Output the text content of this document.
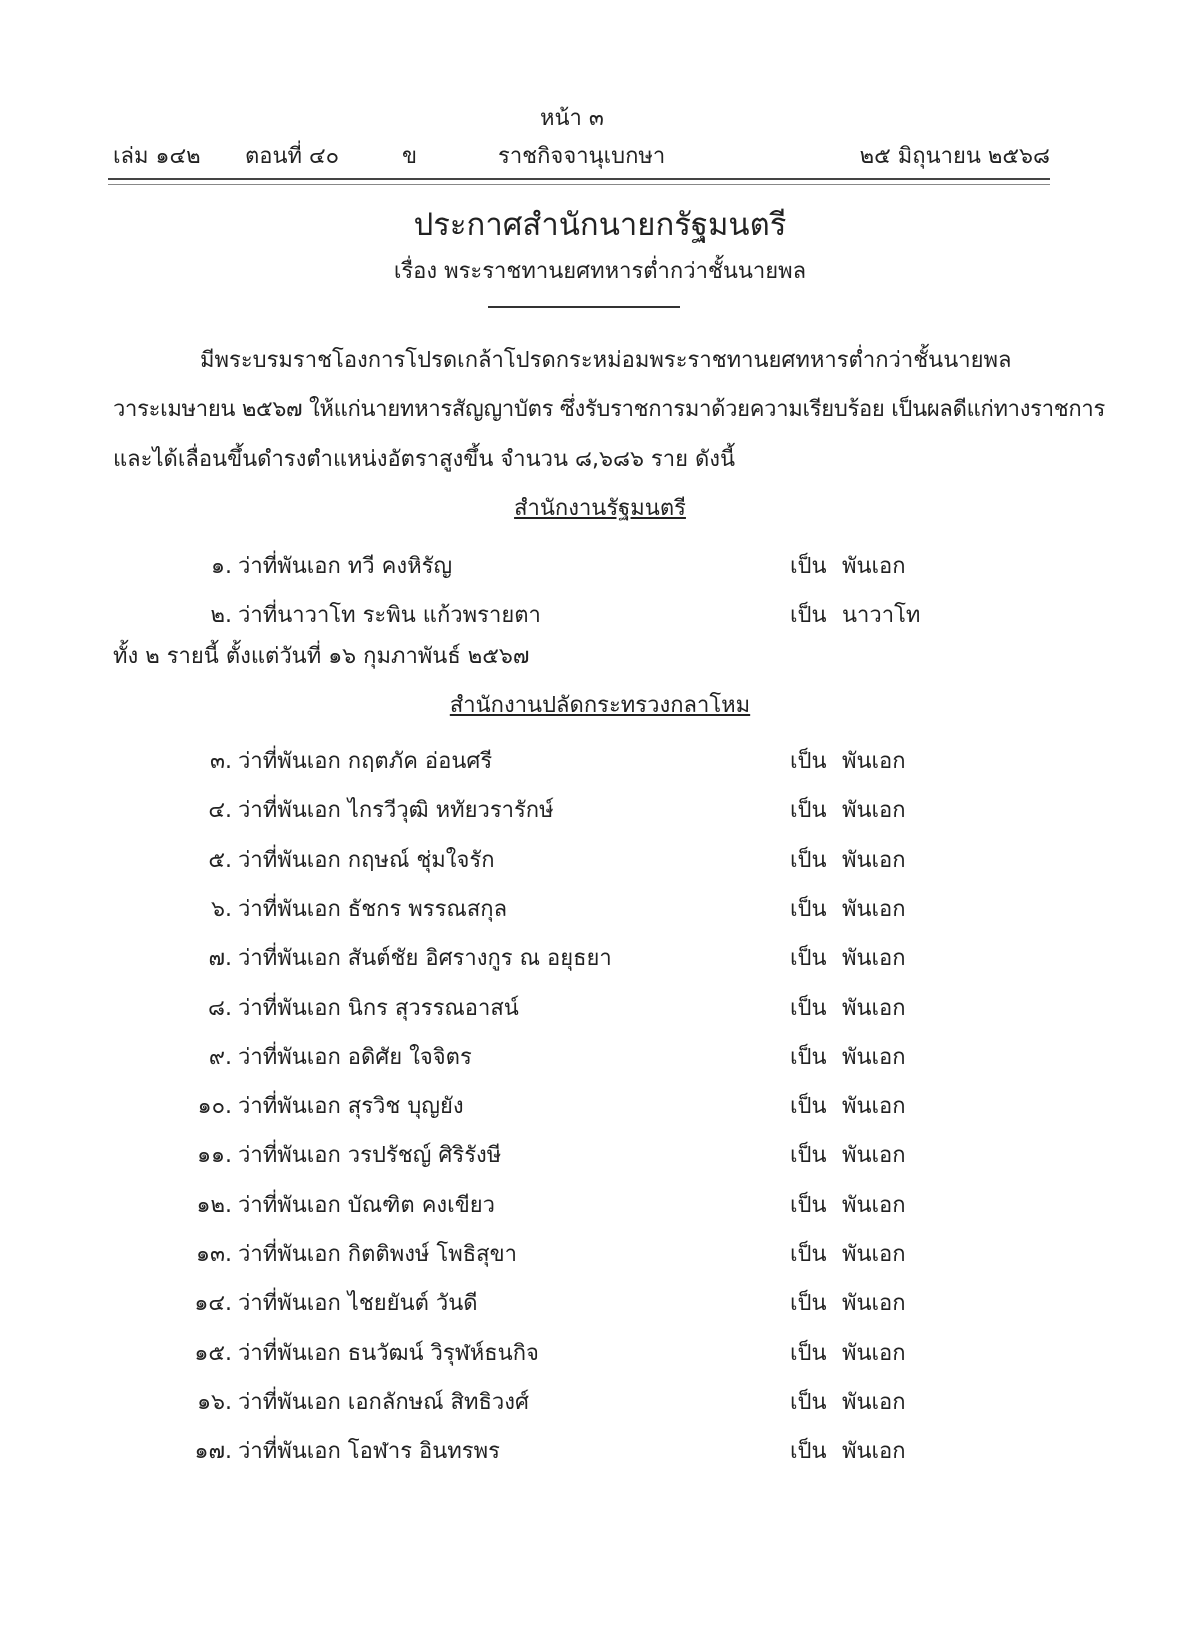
หน้า ๓
เล่ม ๑๔๒ ตอนที่ ๔๐	ข	ราชกิจจานุเบกษา	๒๕ มิถุนายน ๒๕๖๘
ประกาศสำนักนายกรัฐมนตรี
เรื่อง พระราชทานยศทหารต่ำกว่าชั้นนายพล
มีพระบรมราชโองการโปรดเกล้าโปรดกระหม่อมพระราชทานยศทหารต่ำกว่าชั้นนายพล
วาระเมษายน ๒๕๖๗ ให้แก่นายทหารสัญญาบัตร ซึ่งรับราชการมาด้วยความเรียบร้อย เป็นผลดีแก่ทางราชการ
และได้เลื่อนขึ้นดำรงตำแหน่งอัตราสูงขึ้น จำนวน ๘,๖๘๖ ราย ดังนี้
สำนักงานรัฐมนตรี
๑. ว่าที่พันเอก ทวี คงหิรัญ	เป็น พันเอก
๒. ว่าที่นาวาโท ระพิน แก้วพรายตา	เป็น นาวาโท
ทั้ง ๒ รายนี้ ตั้งแต่วันที่ ๑๖ กุมภาพันธ์ ๒๕๖๗
สำนักงานปลัดกระทรวงกลาโหม
๓. ว่าที่พันเอก กฤตภัค อ่อนศรี	เป็น พันเอก
๔. ว่าที่พันเอก ไกรวีวุฒิ หทัยวรารักษ์	เป็น พันเอก
๕. ว่าที่พันเอก กฤษณ์ ชุ่มใจรัก	เป็น พันเอก
๖. ว่าที่พันเอก ธัชกร พรรณสกุล	เป็น พันเอก
๗. ว่าที่พันเอก สันต์ชัย อิศรางกูร ณ อยุธยา	เป็น พันเอก
๘. ว่าที่พันเอก นิกร สุวรรณอาสน์	เป็น พันเอก
๙. ว่าที่พันเอก อดิศัย ใจจิตร	เป็น พันเอก
๑๐. ว่าที่พันเอก สุรวิช บุญยัง	เป็น พันเอก
๑๑. ว่าที่พันเอก วรปรัชญ์ ศิริรังษี	เป็น พันเอก
๑๒. ว่าที่พันเอก บัณฑิต คงเขียว	เป็น พันเอก
๑๓. ว่าที่พันเอก กิตติพงษ์ โพธิสุขา	เป็น พันเอก
๑๔. ว่าที่พันเอก ไชยยันต์ วันดี	เป็น พันเอก
๑๕. ว่าที่พันเอก ธนวัฒน์ วิรุฬห์ธนกิจ	เป็น พันเอก
๑๖. ว่าที่พันเอก เอกลักษณ์ สิทธิวงศ์	เป็น พันเอก
๑๗. ว่าที่พันเอก โอฬาร อินทรพร	เป็น พันเอก
